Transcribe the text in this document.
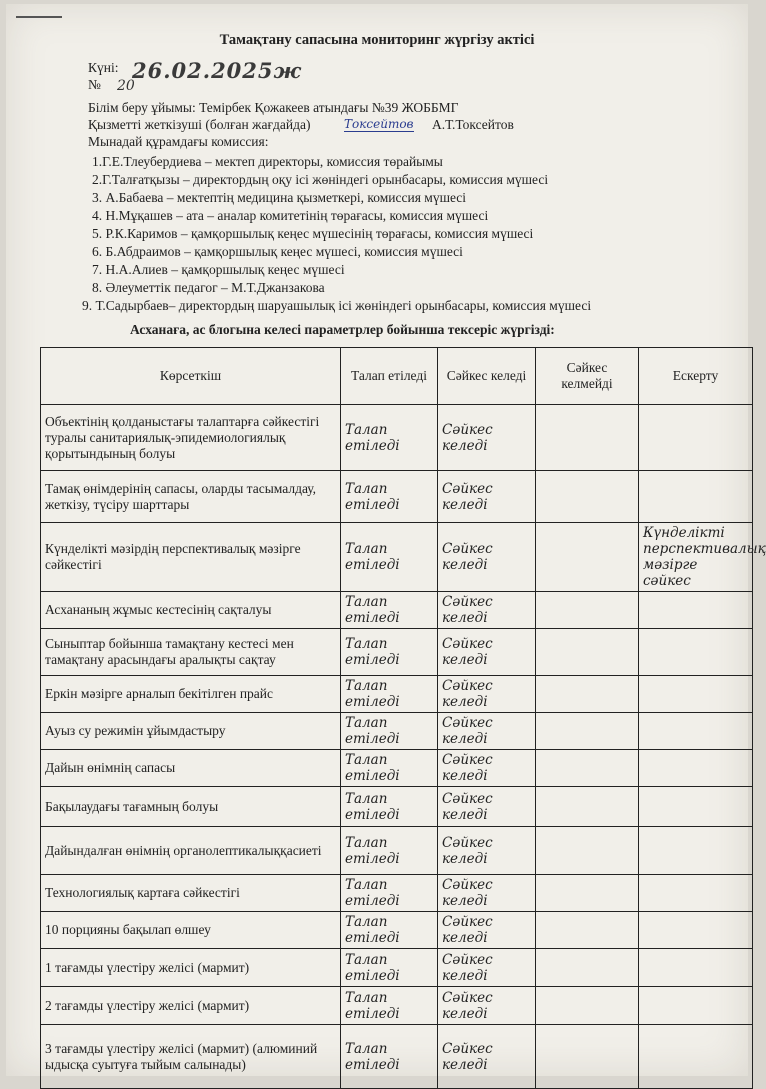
Тамақтану сапасына мониторинг жүргізу актісі
Күні: 26.02.2025ж
№ 20
Білім беру ұйымы: Темірбек Қожакеев атындағы №39 ЖОББМГ
Қызметті жеткізуші (болған жағдайда)	Токсейтов А.Т.Токсейтов
Мынадай құрамдағы комиссия:
1.Г.Е.Тлеубердиева – мектеп директоры, комиссия төрайымы
2.Г.Талғатқызы – директордың оқу ісі жөніндегі орынбасары, комиссия мүшесі
3. А.Бабаева – мектептің медицина қызметкері, комиссия мүшесі
4. Н.Мұқашев – ата – аналар комитетінің төрағасы, комиссия мүшесі
5. Р.К.Каримов – қамқоршылық кеңес мүшесінің төрағасы, комиссия мүшесі
6. Б.Абдраимов – қамқоршылық кеңес мүшесі, комиссия мүшесі
7. Н.А.Алиев – қамқоршылық кеңес мүшесі
8. Әлеуметтік педагог – М.Т.Джанзакова
9. Т.Садырбаев– директордың шаруашылық ісі жөніндегі орынбасары, комиссия мүшесі
Асханаға, ас блогына келесі параметрлер бойынша тексеріс жүргізді:
Көрсеткіш	Талап етіледі	Сәйкес келеді	Сәйкес келмейді	Ескерту
Объектінің қолданыстағы талаптарға сәйкестігі туралы санитариялық-эпидемиологиялық қорытындының болуы	Талап етіледі	Сәйкес келеді		
Тамақ өнімдерінің сапасы, оларды тасымалдау, жеткізу, түсіру шарттары	Талап етіледі	Сәйкес келеді		
Күнделікті мәзірдің перспективалық мәзірге сәйкестігі	Талап етіледі	Сәйкес келеді		Күнделікті перспективалық мәзірге сәйкес
Асхананың жұмыс кестесінің сақталуы	Талап етіледі	Сәйкес келеді		
Сыныптар бойынша тамақтану кестесі мен тамақтану арасындағы аралықты сақтау	Талап етіледі	Сәйкес келеді		
Еркін мәзірге арналып бекітілген прайс	Талап етіледі	Сәйкес келеді		
Ауыз су режимін ұйымдастыру	Талап етіледі	Сәйкес келеді		
Дайын өнімнің сапасы	Талап етіледі	Сәйкес келеді		
Бақылаудағы тағамның болуы	Талап етіледі	Сәйкес келеді		
Дайындалған өнімнің органолептикалыққасиеті	Талап етіледі	Сәйкес келеді		
Технологиялық картаға сәйкестігі	Талап етіледі	Сәйкес келеді		
10 порцияны бақылап өлшеу	Талап етіледі	Сәйкес келеді		
1 тағамды үлестіру желісі (мармит)	Талап етіледі	Сәйкес келеді		
2 тағамды үлестіру желісі (мармит)	Талап етіледі	Сәйкес келеді		
3 тағамды үлестіру желісі (мармит) (алюминий ыдысқа суытуға тыйым салынады)	Талап етіледі	Сәйкес келеді		
